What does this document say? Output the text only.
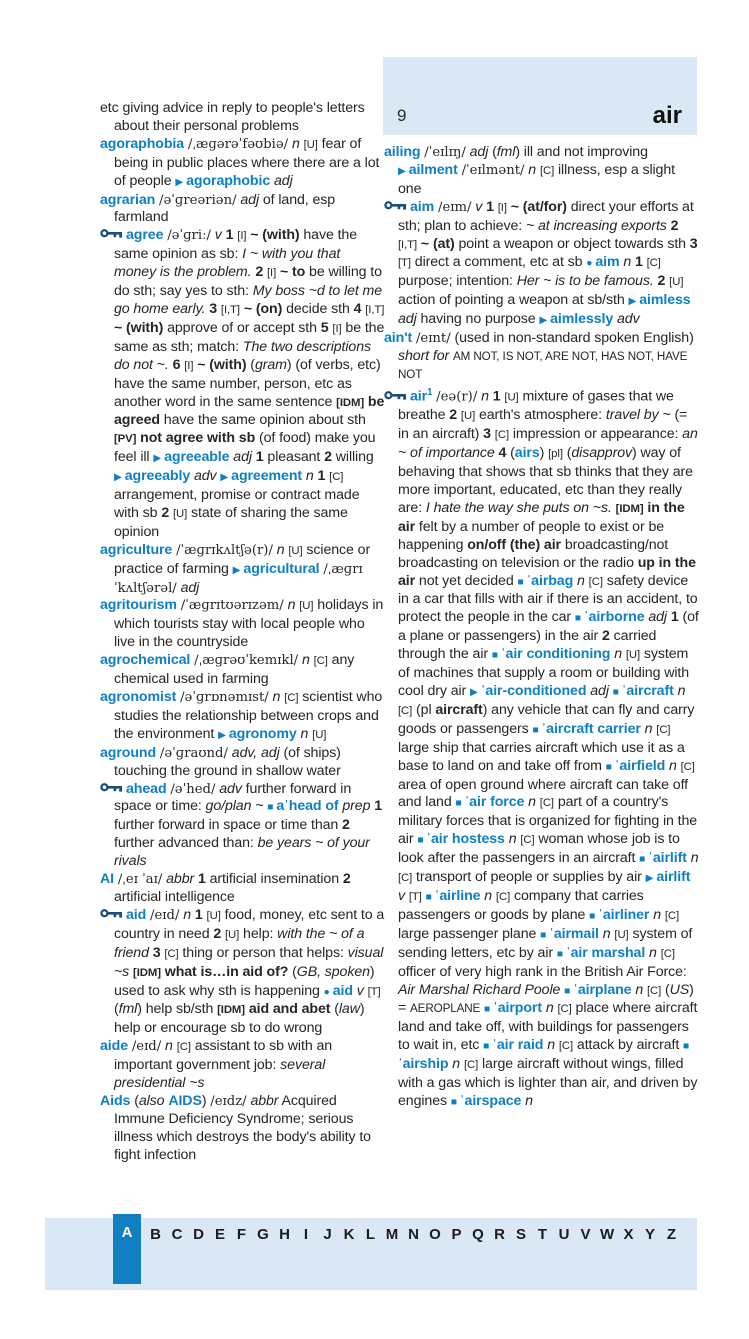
9	air

etc giving advice in reply to people's letters about their personal problems

agoraphobia /ˌæɡərəˈfəʊbiə/ n [U] fear of being in public places where there are a lot of people ▶ agoraphobic adj

agrarian /əˈɡreəriən/ adj of land, esp farmland

agree /əˈɡriː/ v 1 [I] ~ (with) have the same opinion as sb: I ~ with you that money is the problem. 2 [I] ~ to be willing to do sth; say yes to sth: My boss ~d to let me go home early. 3 [I,T] ~ (on) decide sth 4 [I,T] ~ (with) approve of or accept sth 5 [I] be the same as sth; match: The two descriptions do not ~. 6 [I] ~ (with) (gram) (of verbs, etc) have the same number, person, etc as another word in the same sentence [IDM] be agreed have the same opinion about sth [PV] not agree with sb (of food) make you feel ill ▶ agreeable adj 1 pleasant 2 willing ▶ agreeably adv ▶ agreement n 1 [C] arrangement, promise or contract made with sb 2 [U] state of sharing the same opinion

agriculture /ˈæɡrɪkʌltʃə(r)/ n [U] science or practice of farming ▶ agricultural /ˌæɡrɪˈkʌltʃərəl/ adj

agritourism /ˈæɡrɪtʊərɪzəm/ n [U] holidays in which tourists stay with local people who live in the countryside

agrochemical /ˌæɡrəʊˈkemɪkl/ n [C] any chemical used in farming

agronomist /əˈɡrɒnəmɪst/ n [C] scientist who studies the relationship between crops and the environment ▶ agronomy n [U]

aground /əˈɡraʊnd/ adv, adj (of ships) touching the ground in shallow water

ahead /əˈhed/ adv further forward in space or time: go/plan ~ ■ aˈhead of prep 1 further forward in space or time than 2 further advanced than: be years ~ of your rivals

AI /ˌeɪ ˈaɪ/ abbr 1 artificial insemination 2 artificial intelligence

aid /eɪd/ n 1 [U] food, money, etc sent to a country in need 2 [U] help: with the ~ of a friend 3 [C] thing or person that helps: visual ~s [IDM] what is…in aid of? (GB, spoken) used to ask why sth is happening ● aid v [T] (fml) help sb/sth [IDM] aid and abet (law) help or encourage sb to do wrong

aide /eɪd/ n [C] assistant to sb with an important government job: several presidential ~s

Aids (also AIDS) /eɪdz/ abbr Acquired Immune Deficiency Syndrome; serious illness which destroys the body's ability to fight infection

ailing /ˈeɪlɪŋ/ adj (fml) ill and not improving ▶ ailment /ˈeɪlmənt/ n [C] illness, esp a slight one

aim /eɪm/ v 1 [I] ~ (at/for) direct your efforts at sth; plan to achieve: ~ at increasing exports 2 [I,T] ~ (at) point a weapon or object towards sth 3 [T] direct a comment, etc at sb ● aim n 1 [C] purpose; intention: Her ~ is to be famous. 2 [U] action of pointing a weapon at sb/sth ▶ aimless adj having no purpose ▶ aimlessly adv

ain't /eɪnt/ (used in non-standard spoken English) short for AM NOT, IS NOT, ARE NOT, HAS NOT, HAVE NOT

air$^1$ /eə(r)/ n 1 [U] mixture of gases that we breathe 2 [U] earth's atmosphere: travel by ~ (= in an aircraft) 3 [C] impression or appearance: an ~ of importance 4 (airs) [pl] (disapprov) way of behaving that shows that sb thinks that they are more important, educated, etc than they really are: I hate the way she puts on ~s. [IDM] in the air felt by a number of people to exist or be happening on/off (the) air broadcasting/not broadcasting on television or the radio up in the air not yet decided ■ ˈairbag n [C] safety device in a car that fills with air if there is an accident, to protect the people in the car ■ ˈairborne adj 1 (of a plane or passengers) in the air 2 carried through the air ■ ˈair conditioning n [U] system of machines that supply a room or building with cool dry air ▶ ˈair-conditioned adj ■ ˈaircraft n [C] (pl aircraft) any vehicle that can fly and carry goods or passengers ■ ˈaircraft carrier n [C] large ship that carries aircraft which use it as a base to land on and take off from ■ ˈairfield n [C] area of open ground where aircraft can take off and land ■ ˈair force n [C] part of a country's military forces that is organized for fighting in the air ■ ˈair hostess n [C] woman whose job is to look after the passengers in an aircraft ■ ˈairlift n [C] transport of people or supplies by air ▶ airlift v [T] ■ ˈairline n [C] company that carries passengers or goods by plane ■ ˈairliner n [C] large passenger plane ■ ˈairmail n [U] system of sending letters, etc by air ■ ˈair marshal n [C] officer of very high rank in the British Air Force: Air Marshal Richard Poole ■ ˈairplane n [C] (US) = AEROPLANE ■ ˈairport n [C] place where aircraft land and take off, with buildings for passengers to wait in, etc ■ ˈair raid n [C] attack by aircraft ■ˈairship n [C] large aircraft without wings, filled with a gas which is lighter than air, and driven by engines ■ ˈairspace n

A	B C D E F G H I	J K L M N O P Q R S T U V W X Y Z
